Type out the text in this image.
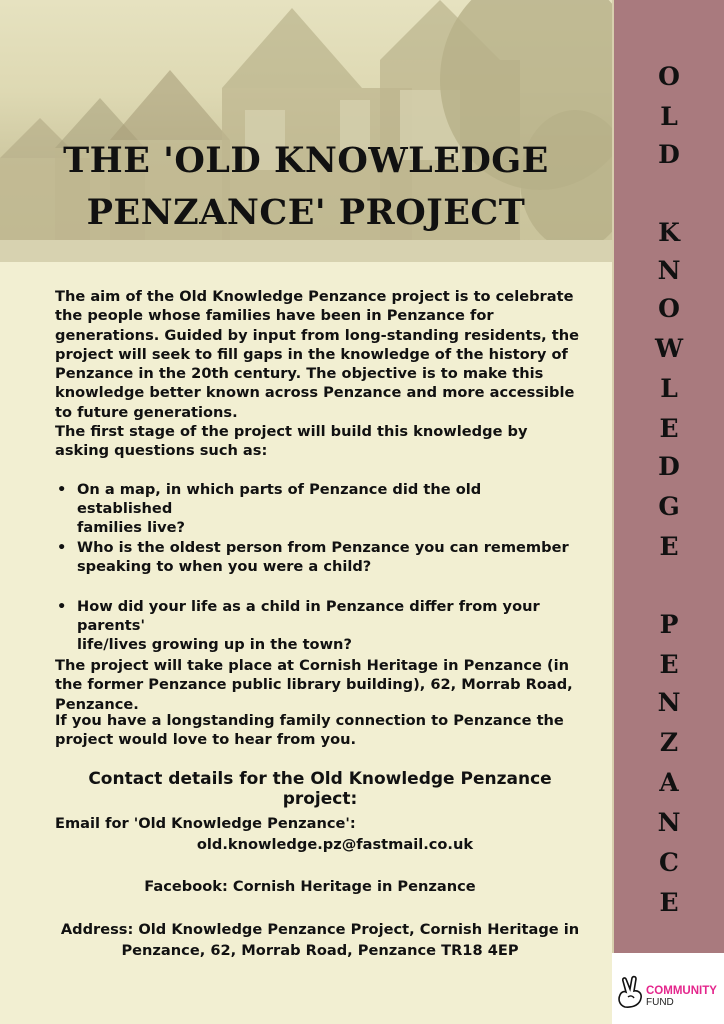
THE 'OLD KNOWLEDGE
PENZANCE' PROJECT

The aim of the Old Knowledge Penzance project is to celebrate the people whose families have been in Penzance for generations. Guided by input from long-standing residents, the project will seek to fill gaps in the knowledge of the history of Penzance in the 20th century. The objective is to make this knowledge better known across Penzance and more accessible to future generations.

The first stage of the project will build this knowledge by asking questions such as:

• On a map, in which parts of Penzance did the old established
families live?
• Who is the oldest person from Penzance you can remember
speaking to when you were a child?
• How did your life as a child in Penzance differ from your parents'
life/lives growing up in the town?

The project will take place at Cornish Heritage in Penzance (in the former Penzance public library building), 62, Morrab Road, Penzance.

If you have a longstanding family connection to Penzance the project would love to hear from you.

Contact details for the Old Knowledge Penzance project:
Email for 'Old Knowledge Penzance':
old.knowledge.pz@fastmail.co.uk
Facebook: Cornish Heritage in Penzance
Address: Old Knowledge Penzance Project, Cornish Heritage in
Penzance, 62, Morrab Road, Penzance TR18 4EP
O
L
D
K
N
O
W
L
E
D
G
E
P
E
N
Z
A
N
C
E
COMMUNITY
FUND
